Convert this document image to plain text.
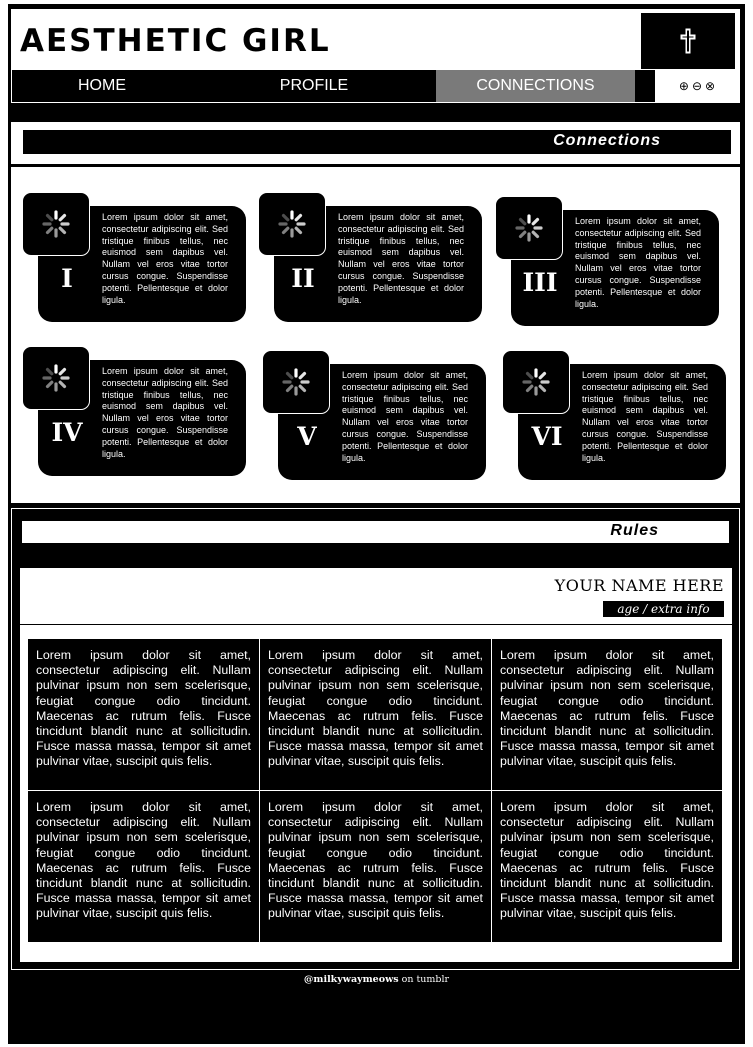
AESTHETIC GIRL
HOME	PROFILE	CONNECTIONS	⊕ ⊖ ⊗
Connections
I
Lorem ipsum dolor sit amet, consectetur adipiscing elit. Sed tristique finibus tellus, nec euismod sem dapibus vel. Nullam vel eros vitae tortor cursus congue. Suspendisse potenti. Pellentesque et dolor ligula.
II
Lorem ipsum dolor sit amet, consectetur adipiscing elit. Sed tristique finibus tellus, nec euismod sem dapibus vel. Nullam vel eros vitae tortor cursus congue. Suspendisse potenti. Pellentesque et dolor ligula.
III
Lorem ipsum dolor sit amet, consectetur adipiscing elit. Sed tristique finibus tellus, nec euismod sem dapibus vel. Nullam vel eros vitae tortor cursus congue. Suspendisse potenti. Pellentesque et dolor ligula.
IV
Lorem ipsum dolor sit amet, consectetur adipiscing elit. Sed tristique finibus tellus, nec euismod sem dapibus vel. Nullam vel eros vitae tortor cursus congue. Suspendisse potenti. Pellentesque et dolor ligula.
V
Lorem ipsum dolor sit amet, consectetur adipiscing elit. Sed tristique finibus tellus, nec euismod sem dapibus vel. Nullam vel eros vitae tortor cursus congue. Suspendisse potenti. Pellentesque et dolor ligula.
VI
Lorem ipsum dolor sit amet, consectetur adipiscing elit. Sed tristique finibus tellus, nec euismod sem dapibus vel. Nullam vel eros vitae tortor cursus congue. Suspendisse potenti. Pellentesque et dolor ligula.
Rules
YOUR NAME HERE
age / extra info
Lorem ipsum dolor sit amet, consectetur adipiscing elit. Nullam pulvinar ipsum non sem scelerisque, feugiat congue odio tincidunt. Maecenas ac rutrum felis. Fusce tincidunt blandit nunc at sollicitudin. Fusce massa massa, tempor sit amet pulvinar vitae, suscipit quis felis.
Lorem ipsum dolor sit amet, consectetur adipiscing elit. Nullam pulvinar ipsum non sem scelerisque, feugiat congue odio tincidunt. Maecenas ac rutrum felis. Fusce tincidunt blandit nunc at sollicitudin. Fusce massa massa, tempor sit amet pulvinar vitae, suscipit quis felis.
Lorem ipsum dolor sit amet, consectetur adipiscing elit. Nullam pulvinar ipsum non sem scelerisque, feugiat congue odio tincidunt. Maecenas ac rutrum felis. Fusce tincidunt blandit nunc at sollicitudin. Fusce massa massa, tempor sit amet pulvinar vitae, suscipit quis felis.
Lorem ipsum dolor sit amet, consectetur adipiscing elit. Nullam pulvinar ipsum non sem scelerisque, feugiat congue odio tincidunt. Maecenas ac rutrum felis. Fusce tincidunt blandit nunc at sollicitudin. Fusce massa massa, tempor sit amet pulvinar vitae, suscipit quis felis.
Lorem ipsum dolor sit amet, consectetur adipiscing elit. Nullam pulvinar ipsum non sem scelerisque, feugiat congue odio tincidunt. Maecenas ac rutrum felis. Fusce tincidunt blandit nunc at sollicitudin. Fusce massa massa, tempor sit amet pulvinar vitae, suscipit quis felis.
Lorem ipsum dolor sit amet, consectetur adipiscing elit. Nullam pulvinar ipsum non sem scelerisque, feugiat congue odio tincidunt. Maecenas ac rutrum felis. Fusce tincidunt blandit nunc at sollicitudin. Fusce massa massa, tempor sit amet pulvinar vitae, suscipit quis felis.
@milkywaymeows on tumblr
